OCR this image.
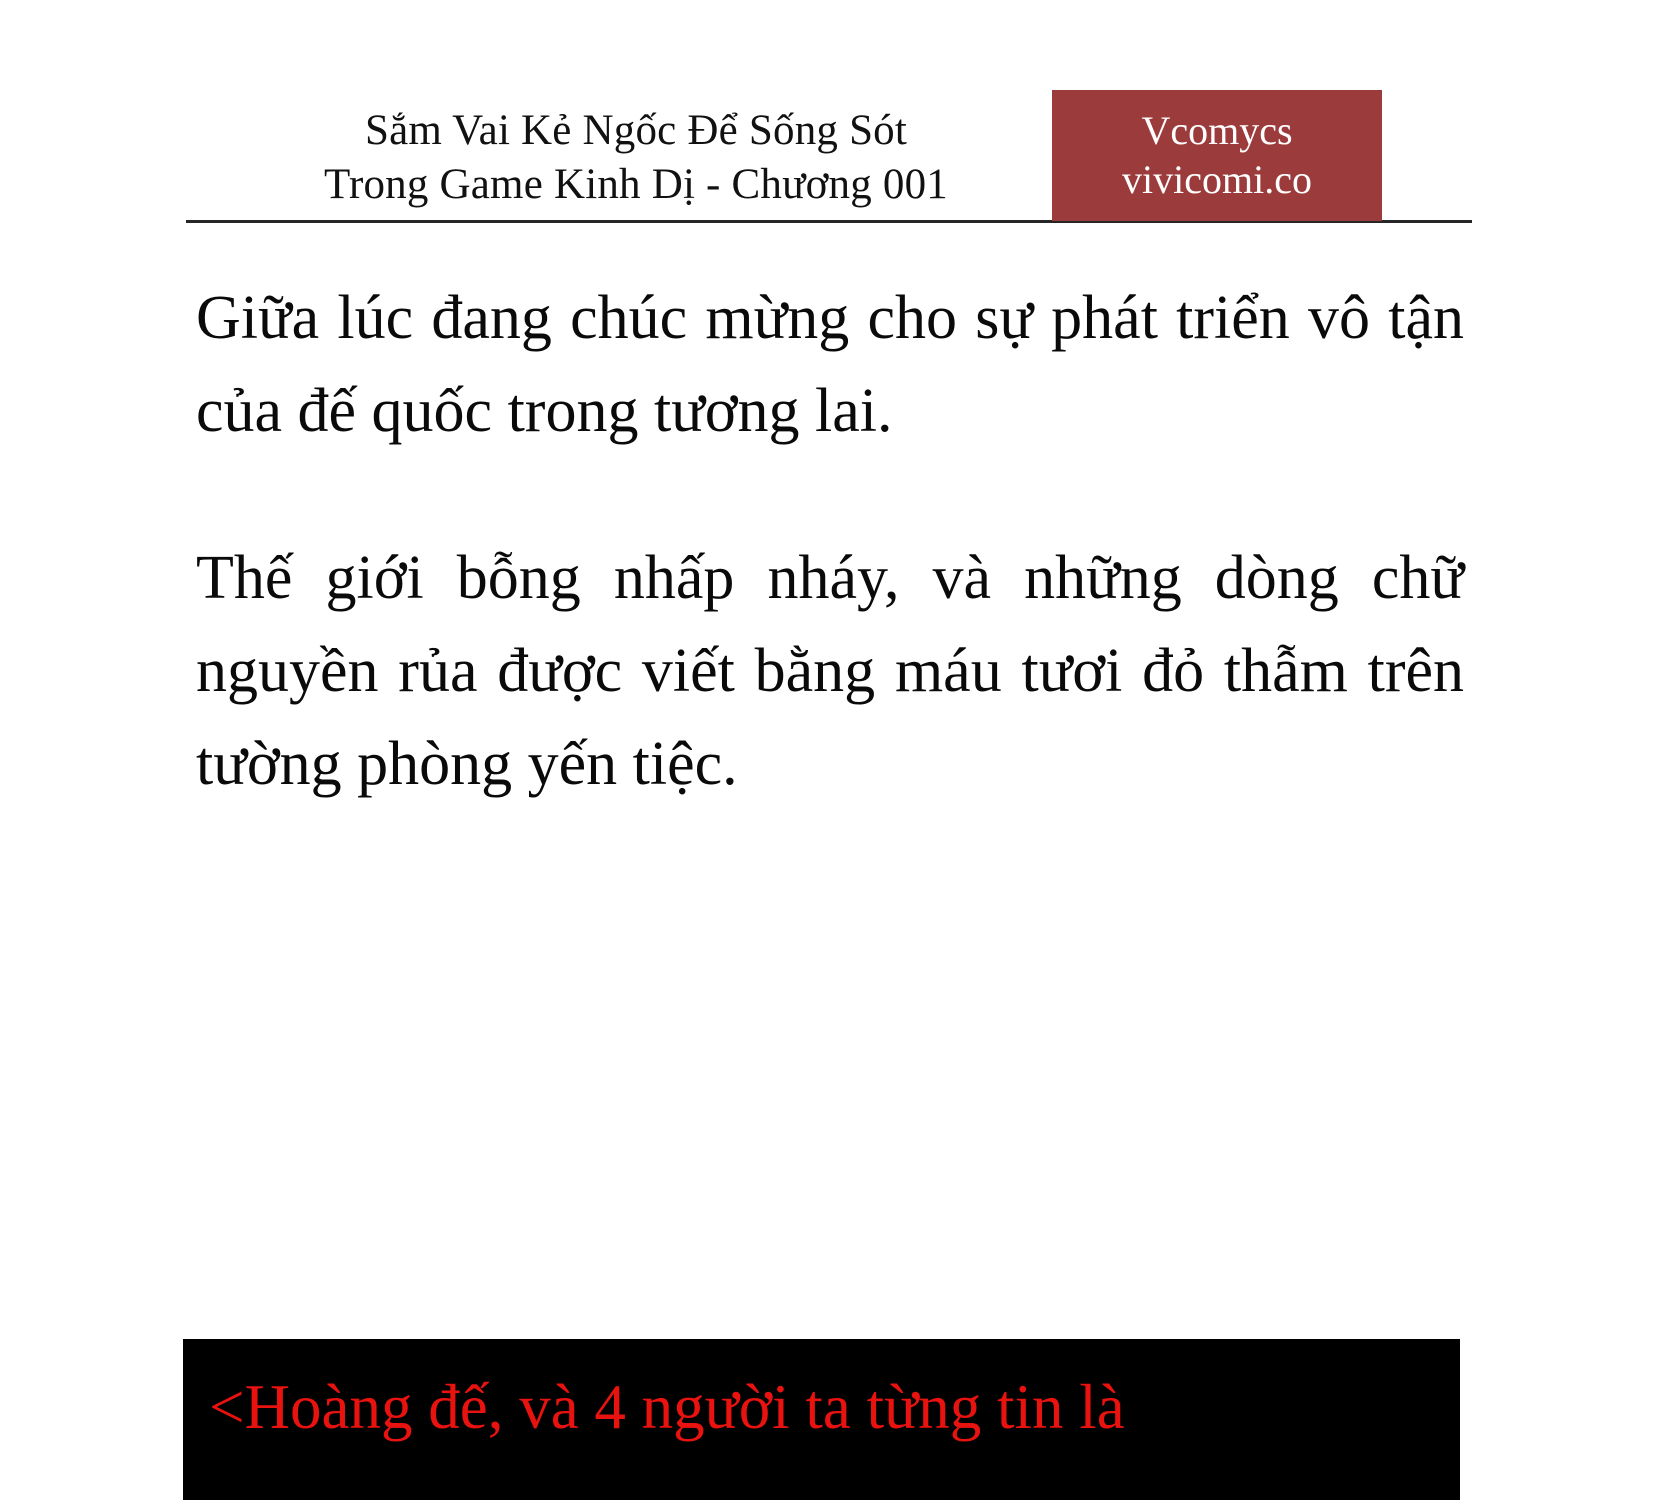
Sắm Vai Kẻ Ngốc Để Sống Sót
Trong Game Kinh Dị - Chương 001
Vcomycs
vivicomi.co

Giữa lúc đang chúc mừng cho sự phát triển vô tận của đế quốc trong tương lai.

Thế giới bỗng nhấp nháy, và những dòng chữ nguyền rủa được viết bằng máu tươi đỏ thẫm trên tường phòng yến tiệc.

<Hoàng đế, và 4 người ta từng tin là
